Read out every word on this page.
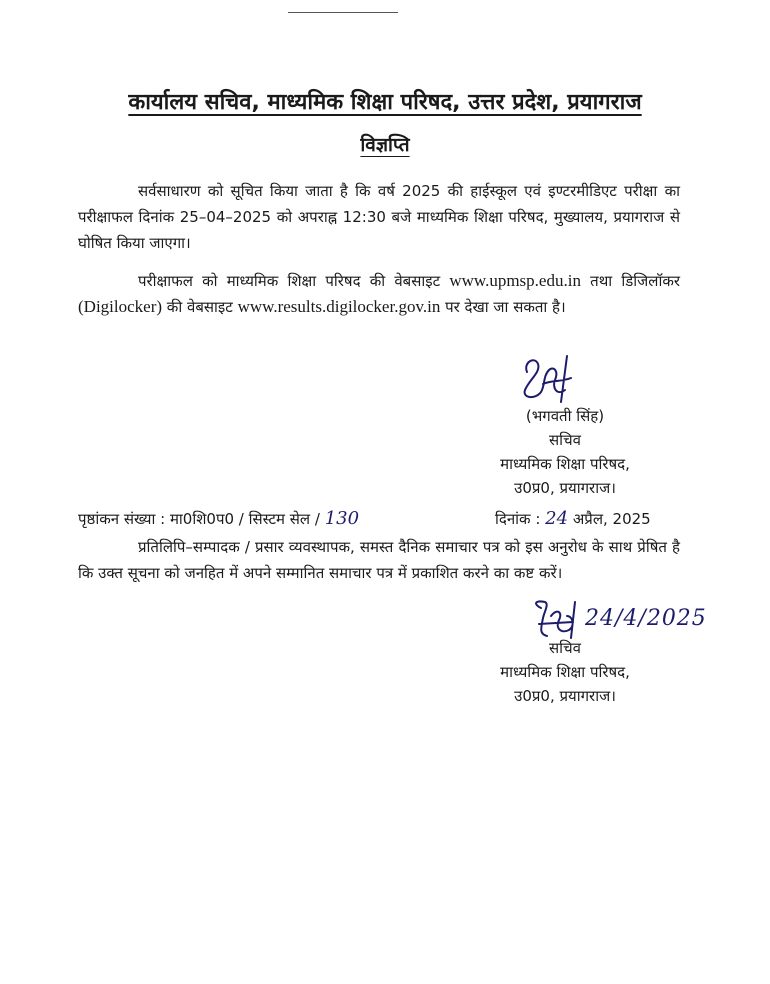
कार्यालय सचिव, माध्यमिक शिक्षा परिषद, उत्तर प्रदेश, प्रयागराज
विज्ञप्ति

सर्वसाधारण को सूचित किया जाता है कि वर्ष 2025 की हाईस्कूल एवं इण्टरमीडिएट परीक्षा का परीक्षाफल दिनांक 25–04–2025 को अपराह्न 12:30 बजे माध्यमिक शिक्षा परिषद, मुख्यालय, प्रयागराज से घोषित किया जाएगा।

परीक्षाफल को माध्यमिक शिक्षा परिषद की वेबसाइट www.upmsp.edu.in तथा डिजिलॉकर (Digilocker) की वेबसाइट www.results.digilocker.gov.in पर देखा जा सकता है।

(भगवती सिंह)
सचिव
माध्यमिक शिक्षा परिषद,
उ0प्र0, प्रयागराज।
पृष्ठांकन संख्या : मा0शि0प0 / सिस्टम सेल / 130	दिनांक : 24 अप्रैल, 2025

प्रतिलिपि–सम्पादक / प्रसार व्यवस्थापक, समस्त दैनिक समाचार पत्र को इस अनुरोध के साथ प्रेषित है कि उक्त सूचना को जनहित में अपने सम्मानित समाचार पत्र में प्रकाशित करने का कष्ट करें।

24/4/2025
सचिव
माध्यमिक शिक्षा परिषद,
उ0प्र0, प्रयागराज।
